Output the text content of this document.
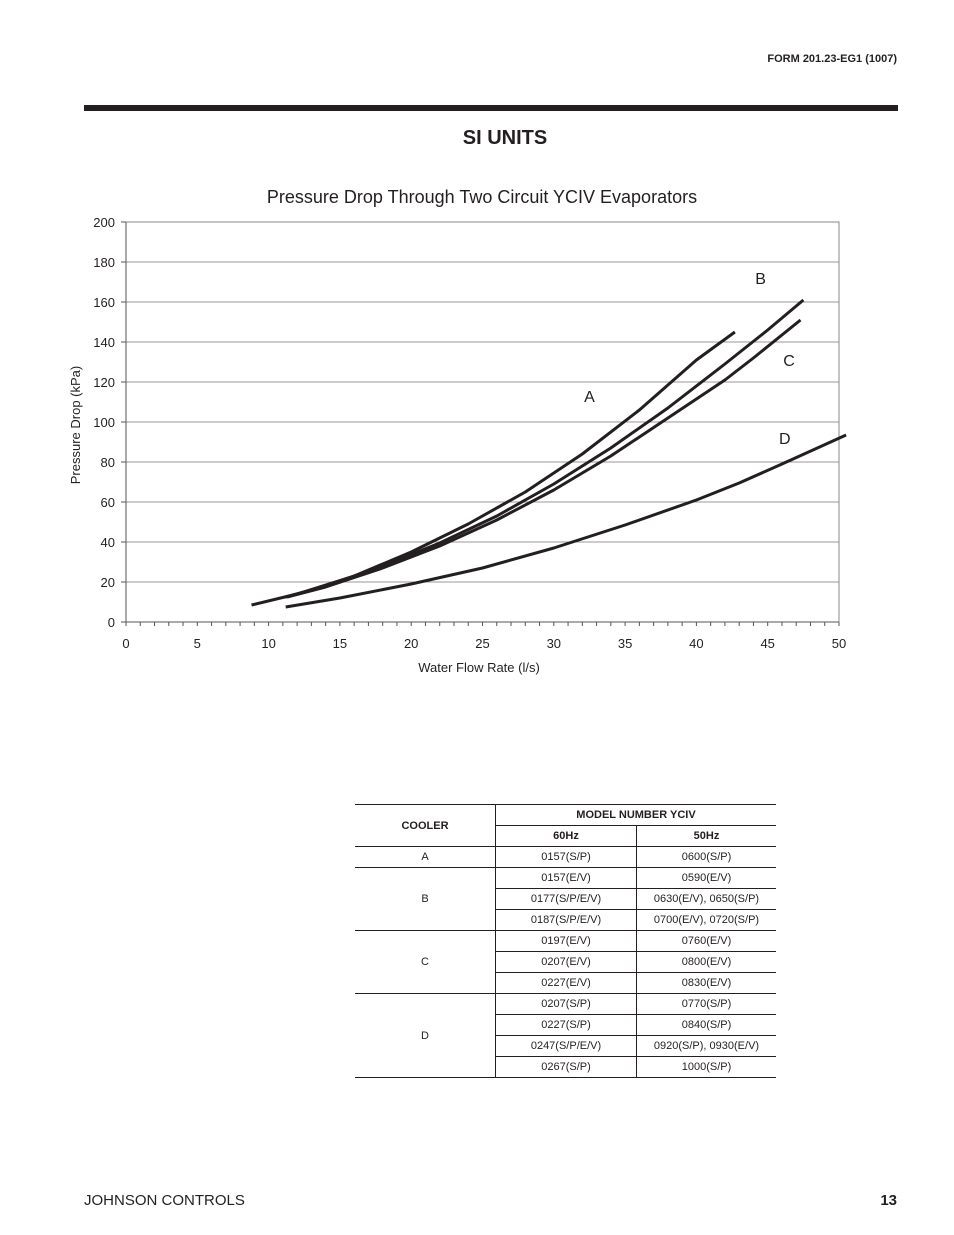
FORM 201.23-EG1 (1007)
SI UNITS
Pressure Drop Through Two Circuit YCIV Evaporators
0
20
40
60
80
100
120
140
160
180
200
0	5	10	15	20	25	30	35	40	45	50
A
B
C
D
Water Flow Rate (l/s)
Pressure Drop (kPa)
COOLER	MODEL NUMBER YCIV	
	60Hz	50Hz
A	0157(S/P)	0600(S/P)
B	0157(E/V)	0590(E/V)
	0177(S/P/E/V)	0630(E/V), 0650(S/P)
	0187(S/P/E/V)	0700(E/V), 0720(S/P)
C	0197(E/V)	0760(E/V)
	0207(E/V)	0800(E/V)
	0227(E/V)	0830(E/V)
D	0207(S/P)	0770(S/P)
	0227(S/P)	0840(S/P)
	0247(S/P/E/V)	0920(S/P), 0930(E/V)
	0267(S/P)	1000(S/P)
JOHNSON CONTROLS	13
